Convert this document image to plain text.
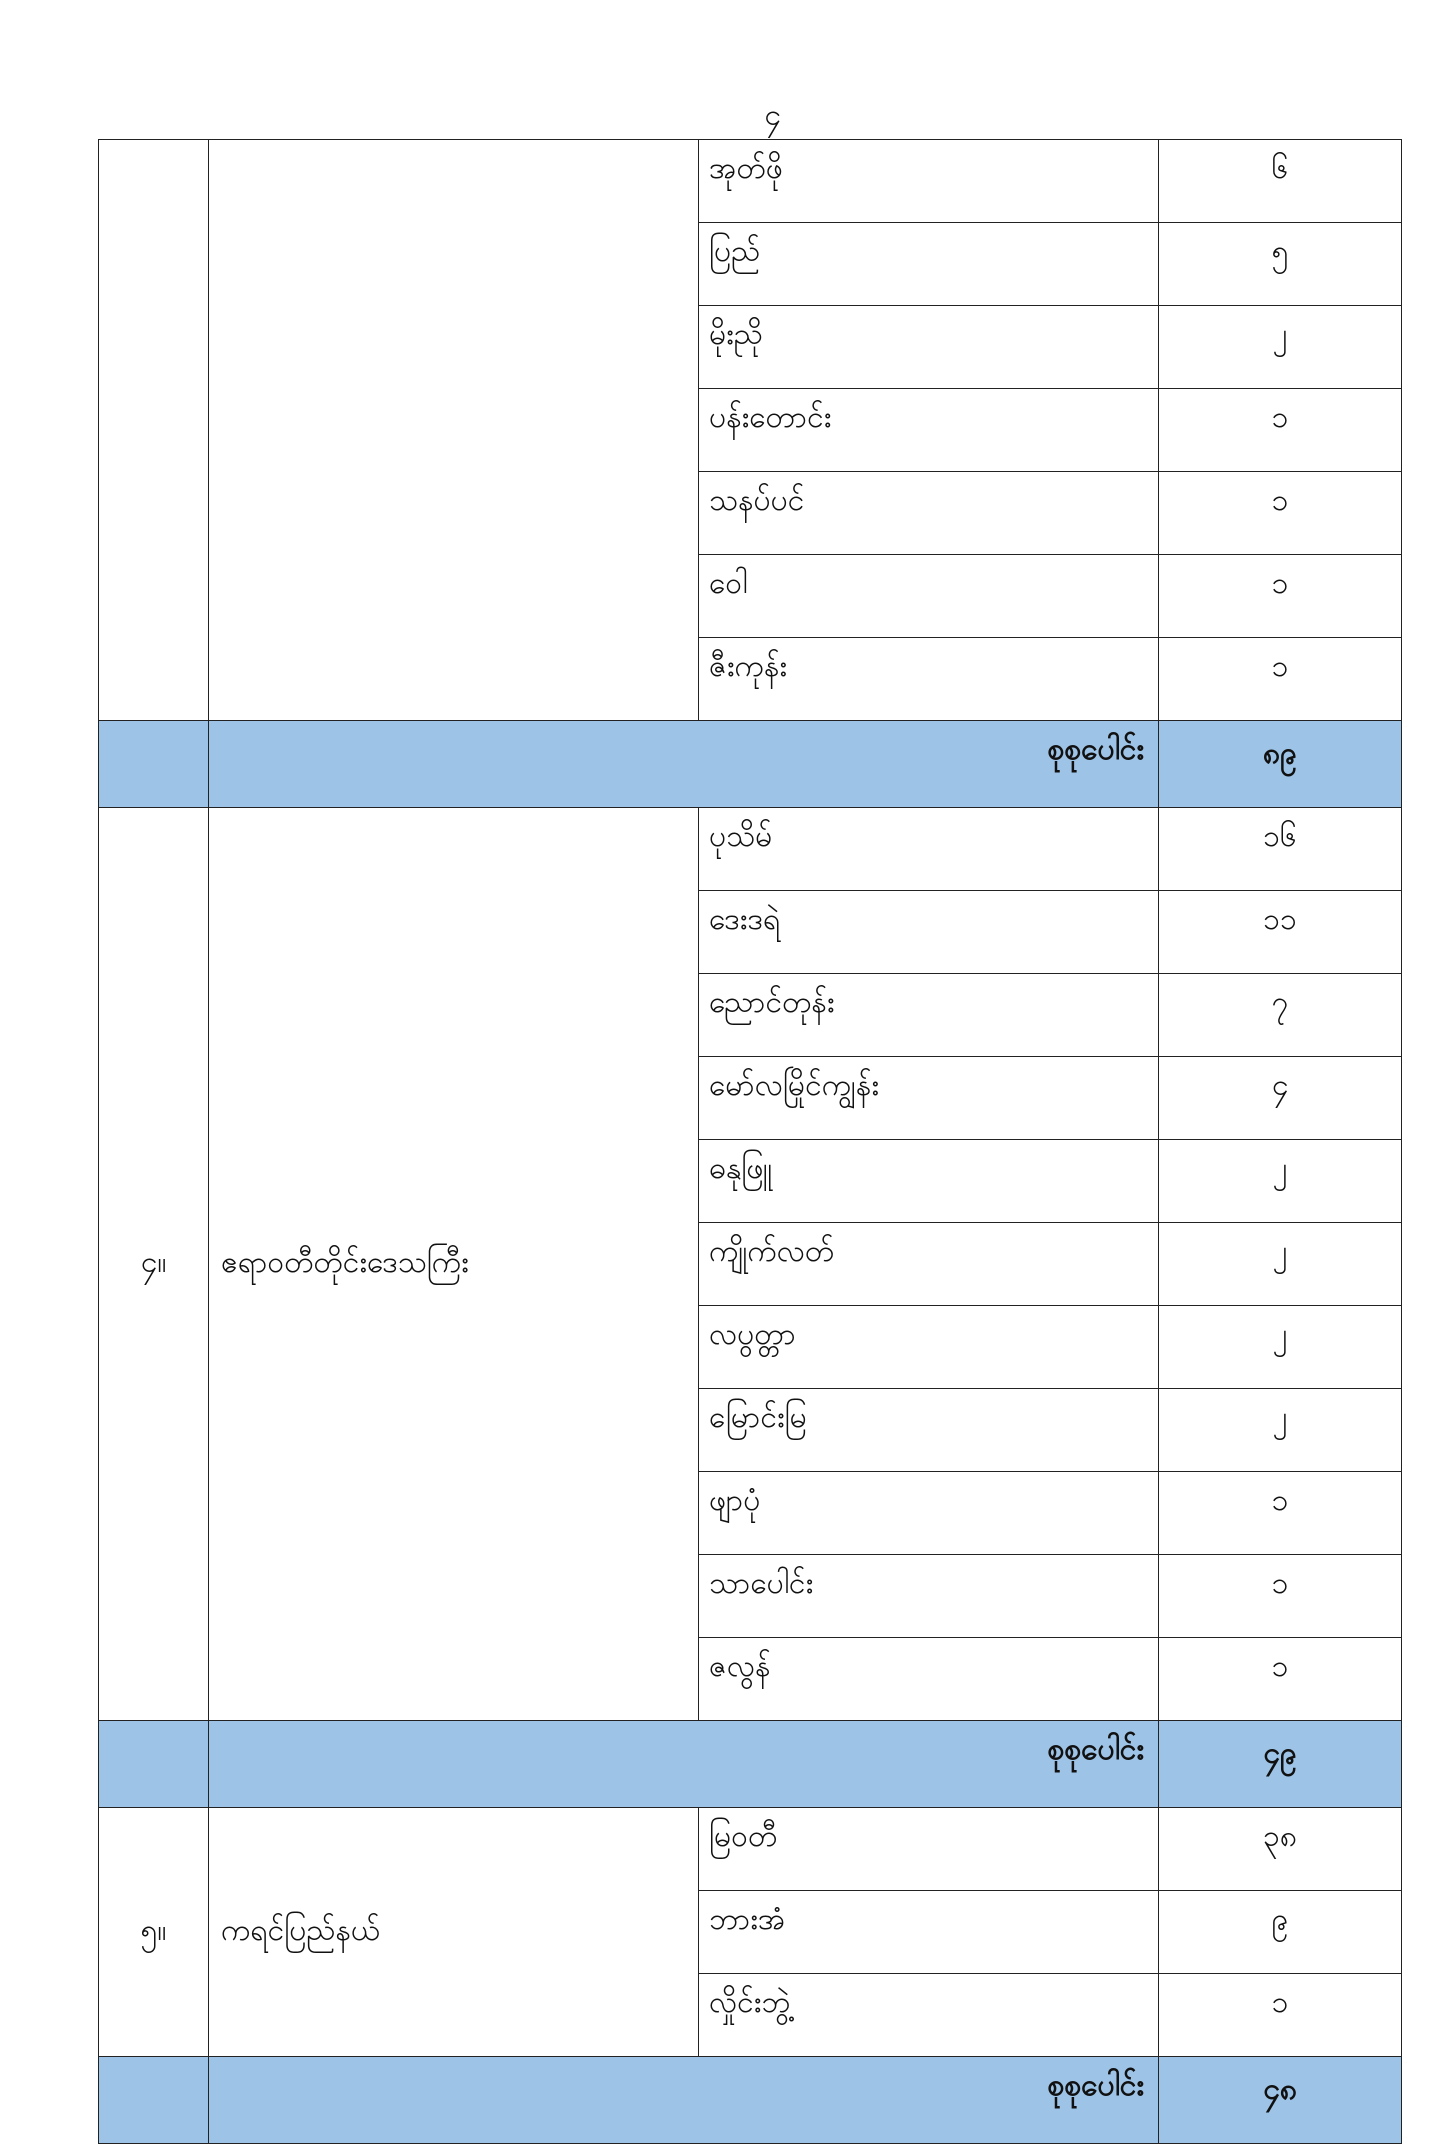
၄
		အုတ်ဖို	၆
		ပြည်	၅
		မိုးညို	၂
		ပန်းတောင်း	၁
		သနပ်ပင်	၁
		ဝေါ	၁
		ဇီးကုန်း	၁
	စုစုပေါင်း		၈၉
၄။	ဧရာဝတီတိုင်းဒေသကြီး	ပုသိမ်	၁၆
		ဒေးဒရဲ	၁၁
		ညောင်တုန်း	၇
		မော်လမြိုင်ကျွန်း	၄
		ဓနုဖြူ	၂
		ကျိုက်လတ်	၂
		လပွတ္တာ	၂
		မြောင်းမြ	၂
		ဖျာပုံ	၁
		သာပေါင်း	၁
		ဇလွန်	၁
	စုစုပေါင်း		၄၉
၅။	ကရင်ပြည်နယ်	မြဝတီ	၃၈
		ဘားအံ	၉
		လှိုင်းဘွဲ့	၁
	စုစုပေါင်း		၄၈
